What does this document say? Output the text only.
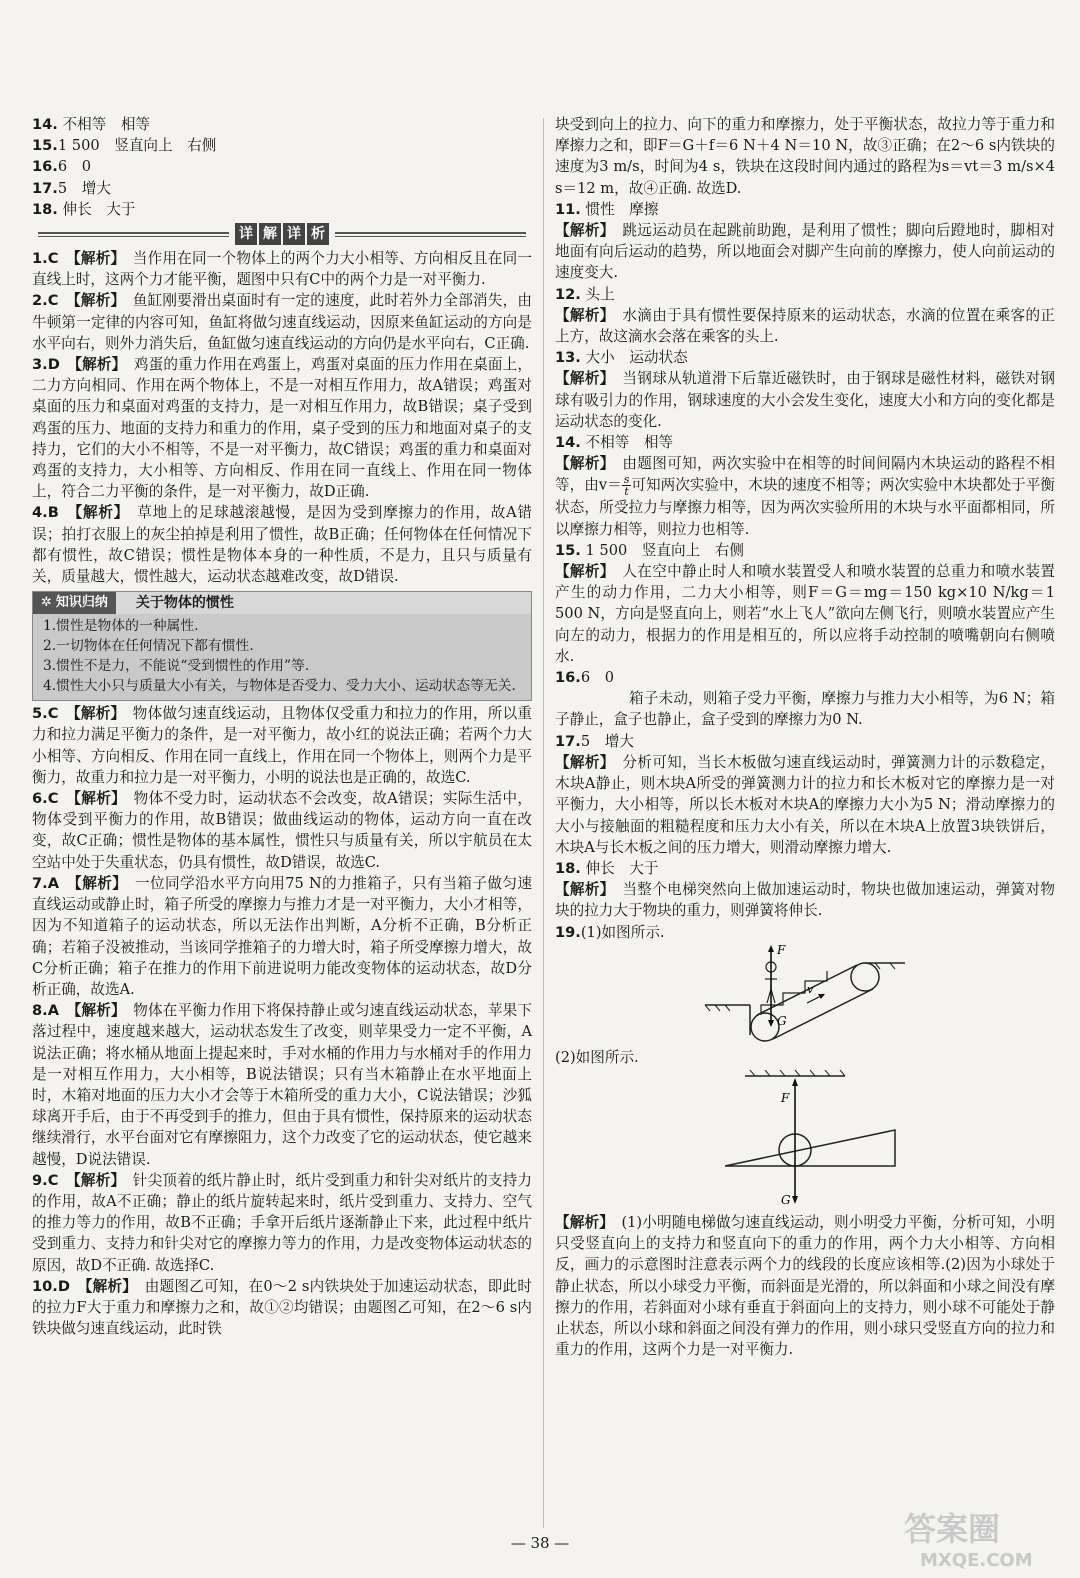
14. 不相等　相等

15.1 500　竖直向上　右侧

16.6　0

17.5　增大

18. 伸长　大于

详 解 详 析

1.C　 【解析】　 当作用在同一个物体上的两个力大小相等、方向相反且在同一直线上时，这两个力才能平衡，题图中只有C中的两个力是一对平衡力.

2.C　 【解析】　 鱼缸刚要滑出桌面时有一定的速度，此时若外力全部消失，由牛顿第一定律的内容可知，鱼缸将做匀速直线运动，因原来鱼缸运动的方向是水平向右，则外力消失后，鱼缸做匀速直线运动的方向仍是水平向右，C正确.

3.D　 【解析】　 鸡蛋的重力作用在鸡蛋上，鸡蛋对桌面的压力作用在桌面上，二力方向相同、作用在两个物体上，不是一对相互作用力，故A错误；鸡蛋对桌面的压力和桌面对鸡蛋的支持力，是一对相互作用力，故B错误；桌子受到鸡蛋的压力、地面的支持力和重力的作用，桌子受到的压力和地面对桌子的支持力，它们的大小不相等，不是一对平衡力，故C错误；鸡蛋的重力和桌面对鸡蛋的支持力，大小相等、方向相反、作用在同一直线上、作用在同一物体上，符合二力平衡的条件，是一对平衡力，故D正确.

4.B　 【解析】　 草地上的足球越滚越慢，是因为受到摩擦力的作用，故A错误；拍打衣服上的灰尘拍掉是利用了惯性，故B正确；任何物体在任何情况下都有惯性，故C错误；惯性是物体本身的一种性质，不是力，且只与质量有关，质量越大，惯性越大，运动状态越难改变，故D错误.

✲ 知识归纳 关于物体的惯性
1.惯性是物体的一种属性.
2.一切物体在任何情况下都有惯性.
3.惯性不是力，不能说“受到惯性的作用”等.
4.惯性大小只与质量大小有关，与物体是否受力、受力大小、运动状态等无关.

5.C　 【解析】　 物体做匀速直线运动，且物体仅受重力和拉力的作用，所以重力和拉力满足平衡力的条件，是一对平衡力，故小红的说法正确；若两个力大小相等、方向相反、作用在同一直线上，作用在同一个物体上，则两个力是平衡力，故重力和拉力是一对平衡力，小明的说法也是正确的，故选C.

6.C　 【解析】　 物体不受力时，运动状态不会改变，故A错误；实际生活中，物体受到平衡力的作用，故B错误；做曲线运动的物体，运动方向一直在改变，故C正确；惯性是物体的基本属性，惯性只与质量有关，所以宇航员在太空站中处于失重状态，仍具有惯性，故D错误，故选C.

7.A　 【解析】　 一位同学沿水平方向用75 N的力推箱子，只有当箱子做匀速直线运动或静止时，箱子所受的摩擦力与推力才是一对平衡力，大小才相等，因为不知道箱子的运动状态，所以无法作出判断，A分析不正确，B分析正确；若箱子没被推动，当该同学推箱子的力增大时，箱子所受摩擦力增大，故C分析正确；箱子在推力的作用下前进说明力能改变物体的运动状态，故D分析正确，故选A.

8.A　 【解析】　 物体在平衡力作用下将保持静止或匀速直线运动状态，苹果下落过程中，速度越来越大，运动状态发生了改变，则苹果受力一定不平衡，A说法正确；将水桶从地面上提起来时，手对水桶的作用力与水桶对手的作用力是一对相互作用力，大小相等，B说法错误；只有当木箱静止在水平地面上时，木箱对地面的压力大小才会等于木箱所受的重力大小，C说法错误；沙狐球离开手后，由于不再受到手的推力，但由于具有惯性，保持原来的运动状态继续滑行，水平台面对它有摩擦阻力，这个力改变了它的运动状态，使它越来越慢，D说法错误.

9.C　 【解析】　 针尖顶着的纸片静止时，纸片受到重力和针尖对纸片的支持力的作用，故A不正确；静止的纸片旋转起来时，纸片受到重力、支持力、空气的推力等力的作用，故B不正确；手拿开后纸片逐渐静止下来，此过程中纸片受到重力、支持力和针尖对它的摩擦力等力的作用，力是改变物体运动状态的原因，故D不正确. 故选择C.

10.D　 【解析】　 由题图乙可知，在0～2 s内铁块处于加速运动状态，即此时的拉力F大于重力和摩擦力之和，故①②均错误；由题图乙可知，在2～6 s内铁块做匀速直线运动，此时铁

块受到向上的拉力、向下的重力和摩擦力，处于平衡状态，故拉力等于重力和摩擦力之和，即F＝G＋f＝6 N＋4 N＝10 N，故③正确；在2～6 s内铁块的速度为3 m/s，时间为4 s，铁块在这段时间内通过的路程为s＝vt＝3 m/s×4 s＝12 m，故④正确. 故选D.

11. 惯性　摩擦

【解析】　 跳远运动员在起跳前助跑，是利用了惯性；脚向后蹬地时，脚相对地面有向后运动的趋势，所以地面会对脚产生向前的摩擦力，使人向前运动的速度变大.

12. 头上

【解析】　 水滴由于具有惯性要保持原来的运动状态，水滴的位置在乘客的正上方，故这滴水会落在乘客的头上.

13. 大小　运动状态

【解析】　 当钢球从轨道滑下后靠近磁铁时，由于钢球是磁性材料，磁铁对钢球有吸引力的作用，钢球速度的大小会发生变化，速度大小和方向的变化都是运动状态的变化.

14. 不相等　相等

【解析】　 由题图可知，两次实验中在相等的时间间隔内木块运动的路程不相等，由$v= \frac{s}{t}$ 可知两次实验中，木块的速度不相等；两次实验中木块都处于平衡状态，所受拉力与摩擦力相等，因为两次实验所用的木块与水平面都相同，所以摩擦力相等，则拉力也相等.

15. 1 500　竖直向上　右侧

【解析】　 人在空中静止时人和喷水装置受人和喷水装置的总重力和喷水装置产生的动力作用，二力大小相等，则F＝G＝mg＝150 kg×10 N/kg＝1 500 N，方向是竖直向上，则若“水上飞人”欲向左侧飞行，则喷水装置应产生向左的动力，根据力的作用是相互的，所以应将手动控制的喷嘴朝向右侧喷水.

16.6　0

　　　　　箱子未动，则箱子受力平衡，摩擦力与推力大小相等，为6 N；箱子静止，盒子也静止，盒子受到的摩擦力为0 N.

17.5　增大

【解析】　 分析可知，当长木板做匀速直线运动时，弹簧测力计的示数稳定，木块A静止，则木块A所受的弹簧测力计的拉力和长木板对它的摩擦力是一对平衡力，大小相等，所以长木板对木块A的摩擦力大小为5 N；滑动摩擦力的大小与接触面的粗糙程度和压力大小有关，所以在木块A上放置3块铁饼后，木块A与长木板之间的压力增大，则滑动摩擦力增大.

18. 伸长　大于

【解析】　 当整个电梯突然向上做加速运动时，物块也做加速运动，弹簧对物块的拉力大于物块的重力，则弹簧将伸长.

19.(1)如图所示.

F
G
v

(2)如图所示.

F
G

【解析】　 (1)小明随电梯做匀速直线运动，则小明受力平衡，分析可知，小明只受竖直向上的支持力和竖直向下的重力的作用，两个力大小相等、方向相反，画力的示意图时注意表示两个力的线段的长度应该相等.(2)因为小球处于静止状态，所以小球受力平衡，而斜面是光滑的，所以斜面和小球之间没有摩擦力的作用，若斜面对小球有垂直于斜面向上的支持力，则小球不可能处于静止状态，所以小球和斜面之间没有弹力的作用，则小球只受竖直方向的拉力和重力的作用，这两个力是一对平衡力.

— 38 —	答案圈
MXQE.COM
